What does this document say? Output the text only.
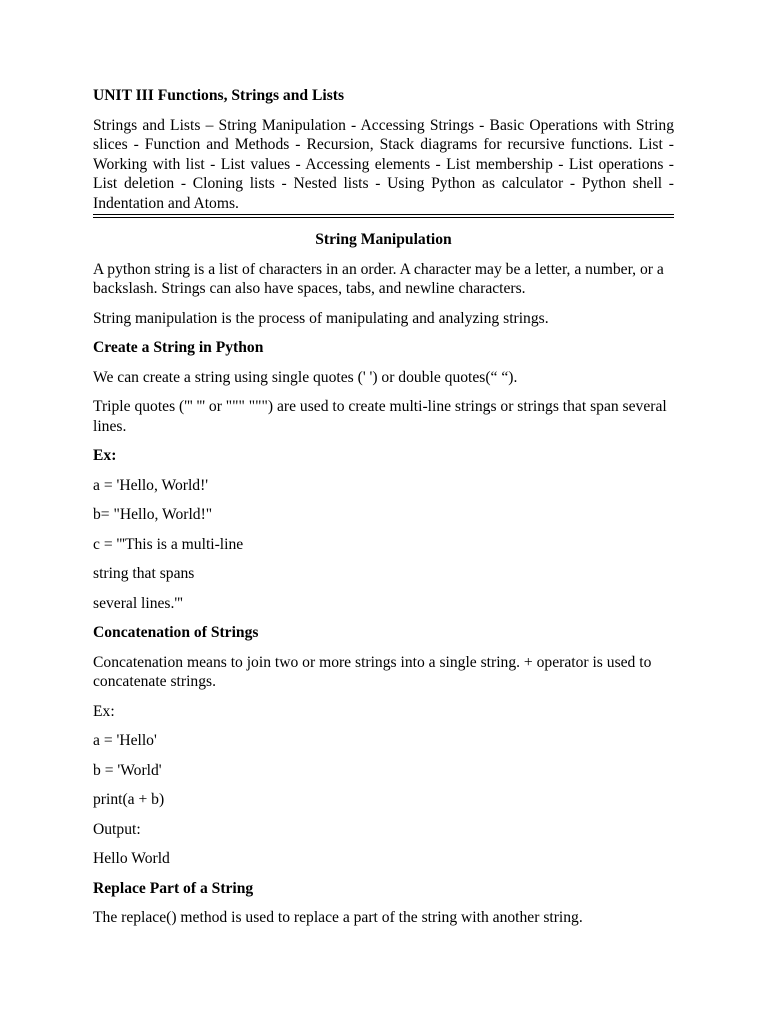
UNIT III Functions, Strings and Lists
Strings and Lists – String Manipulation - Accessing Strings - Basic Operations with String slices - Function and Methods - Recursion, Stack diagrams for recursive functions. List - Working with list - List values - Accessing elements - List membership - List operations - List deletion - Cloning lists - Nested lists - Using Python as calculator - Python shell - Indentation and Atoms.
String Manipulation
A python string is a list of characters in an order. A character may be a letter, a number, or a backslash. Strings can also have spaces, tabs, and newline characters.
String manipulation is the process of manipulating and analyzing strings.
Create a String in Python
We can create a string using single quotes (' ') or double quotes(“ “).
Triple quotes (''' ''' or """ """) are used to create multi-line strings or strings that span several lines.
Ex:
a = 'Hello, World!'
b= "Hello, World!"
c = '''This is a multi-line
string that spans
several lines.'''
Concatenation of Strings
Concatenation means to join two or more strings into a single string. + operator is used to concatenate strings.
Ex:
a = 'Hello'
b = 'World'
print(a + b)
Output:
Hello World
Replace Part of a String
The replace() method is used to replace a part of the string with another string.
